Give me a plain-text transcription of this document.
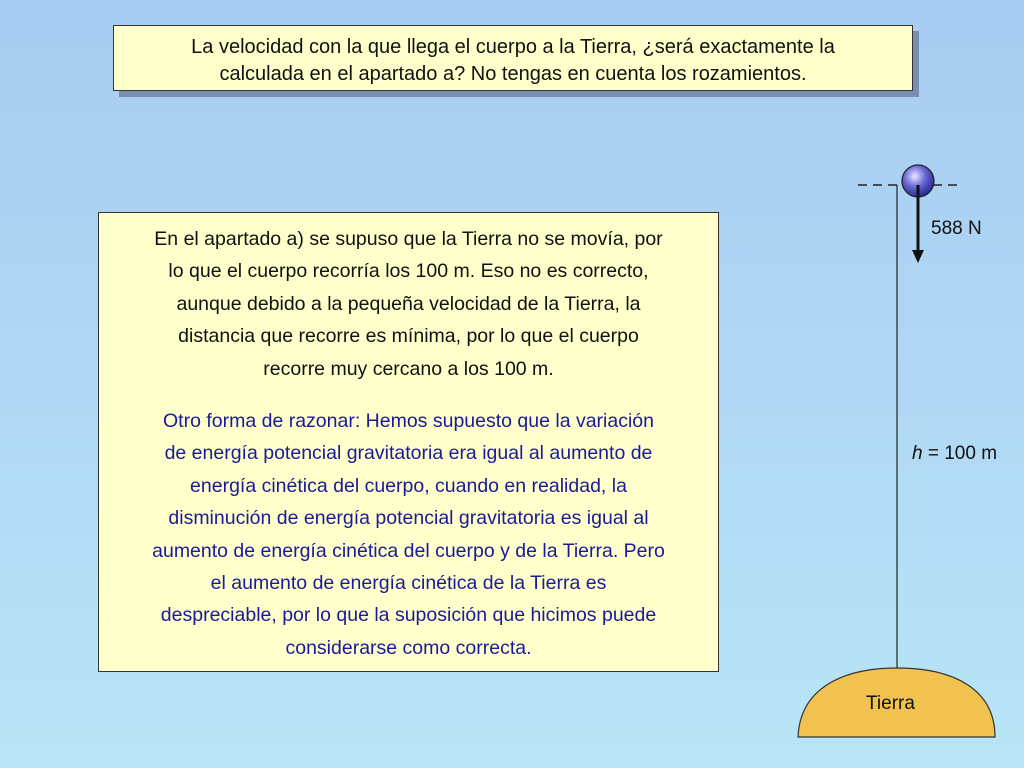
La velocidad con la que llega el cuerpo a la Tierra, ¿será exactamente la
calculada en el apartado a? No tengas en cuenta los rozamientos.
En el apartado a) se supuso que la Tierra no se movía, por
lo que el cuerpo recorría los 100 m. Eso no es correcto,
aunque debido a la pequeña velocidad de la Tierra, la
distancia que recorre es mínima, por lo que el cuerpo
recorre muy cercano a los 100 m.
Otro forma de razonar: Hemos supuesto que la variación
de energía potencial gravitatoria era igual al aumento de
energía cinética del cuerpo, cuando en realidad, la
disminución de energía potencial gravitatoria es igual al
aumento de energía cinética del cuerpo y de la Tierra. Pero
el aumento de energía cinética de la Tierra es
despreciable, por lo que la suposición que hicimos puede
considerarse como correcta.
588 N
h = 100 m
Tierra
